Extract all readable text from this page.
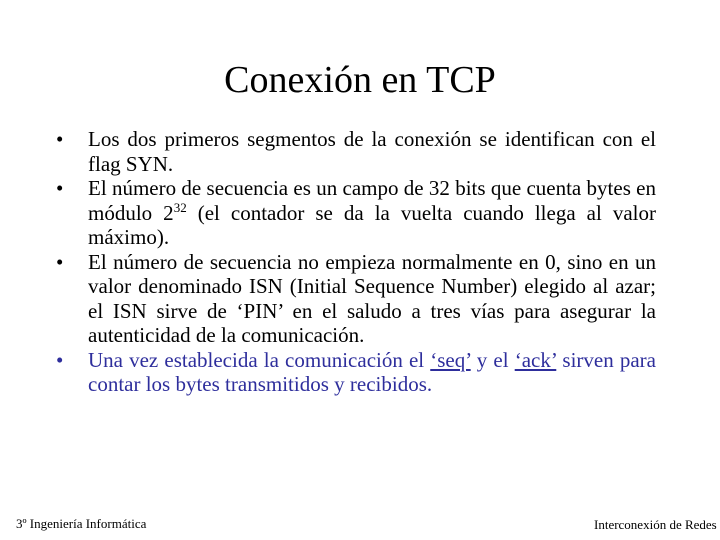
Conexión en TCP
•	Los dos primeros segmentos de la conexión se identifican con el flag SYN.
•	El número de secuencia es un campo de 32 bits que cuenta bytes en módulo $2^{32}$ (el contador se da la vuelta cuando llega al valor máximo).
•	El número de secuencia no empieza normalmente en 0, sino en un valor denominado ISN (Initial Sequence Number) elegido al azar; el ISN sirve de ‘PIN’ en el saludo a tres vías para asegurar la autenticidad de la comunicación.
•	Una vez establecida la comunicación el ‘seq’ y el ‘ack’ sirven para contar los bytes transmitidos y recibidos.
3º Ingeniería Informática	Interconexión de Redes
